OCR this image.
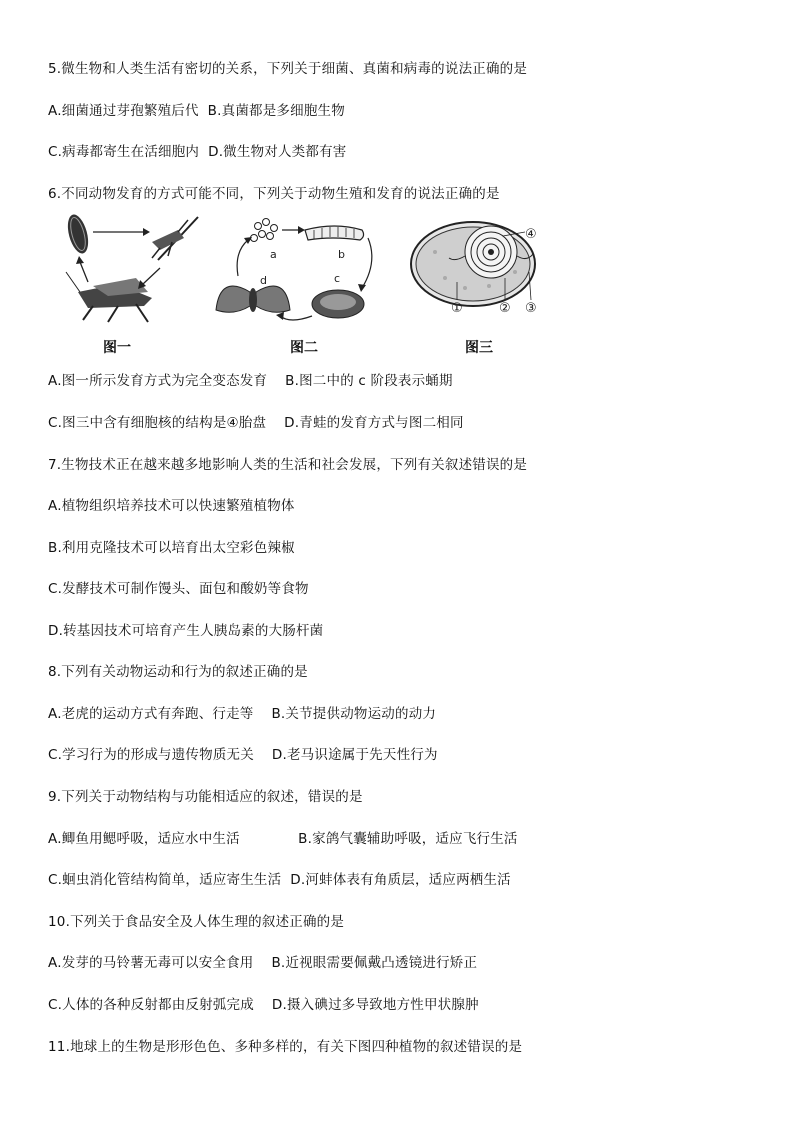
5.微生物和人类生活有密切的关系，下列关于细菌、真菌和病毒的说法正确的是
A.细菌通过芽孢繁殖后代  B.真菌都是多细胞生物
C.病毒都寄生在活细胞内  D.微生物对人类都有害
6.不同动物发育的方式可能不同，下列关于动物生殖和发育的说法正确的是
图一
a	b
c
d
图二
④
①	② ③
图三
A.图一所示发育方式为完全变态发育    B.图二中的 c 阶段表示蛹期
C.图三中含有细胞核的结构是④胎盘    D.青蛙的发育方式与图二相同
7.生物技术正在越来越多地影响人类的生活和社会发展，下列有关叙述错误的是
A.植物组织培养技术可以快速繁殖植物体
B.利用克隆技术可以培育出太空彩色辣椒
C.发酵技术可制作馒头、面包和酸奶等食物
D.转基因技术可培育产生人胰岛素的大肠杆菌
8.下列有关动物运动和行为的叙述正确的是
A.老虎的运动方式有奔跑、行走等    B.关节提供动物运动的动力
C.学习行为的形成与遗传物质无关    D.老马识途属于先天性行为
9.下列关于动物结构与功能相适应的叙述，错误的是
A.鲫鱼用鳃呼吸，适应水中生活             B.家鸽气囊辅助呼吸，适应飞行生活
C.蛔虫消化管结构简单，适应寄生生活  D.河蚌体表有角质层，适应两栖生活
10.下列关于食品安全及人体生理的叙述正确的是
A.发芽的马铃薯无毒可以安全食用    B.近视眼需要佩戴凸透镜进行矫正
C.人体的各种反射都由反射弧完成    D.摄入碘过多导致地方性甲状腺肿
11.地球上的生物是形形色色、多种多样的，有关下图四种植物的叙述错误的是
